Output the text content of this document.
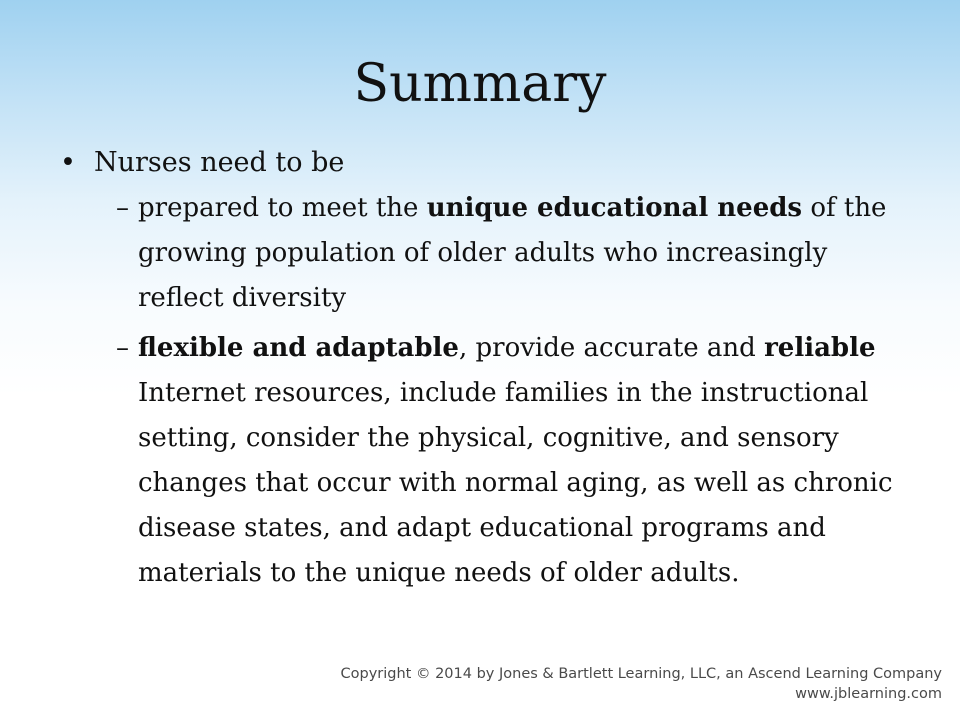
Summary
• Nurses need to be
– prepared to meet the unique educational needs of the growing population of older adults who increasingly reflect diversity
– flexible and adaptable, provide accurate and reliable Internet resources, include families in the instructional setting, consider the physical, cognitive, and sensory changes that occur with normal aging, as well as chronic disease states, and adapt educational programs and materials to the unique needs of older adults.
Copyright © 2014 by Jones & Bartlett Learning, LLC, an Ascend Learning Company
www.jblearning.com
